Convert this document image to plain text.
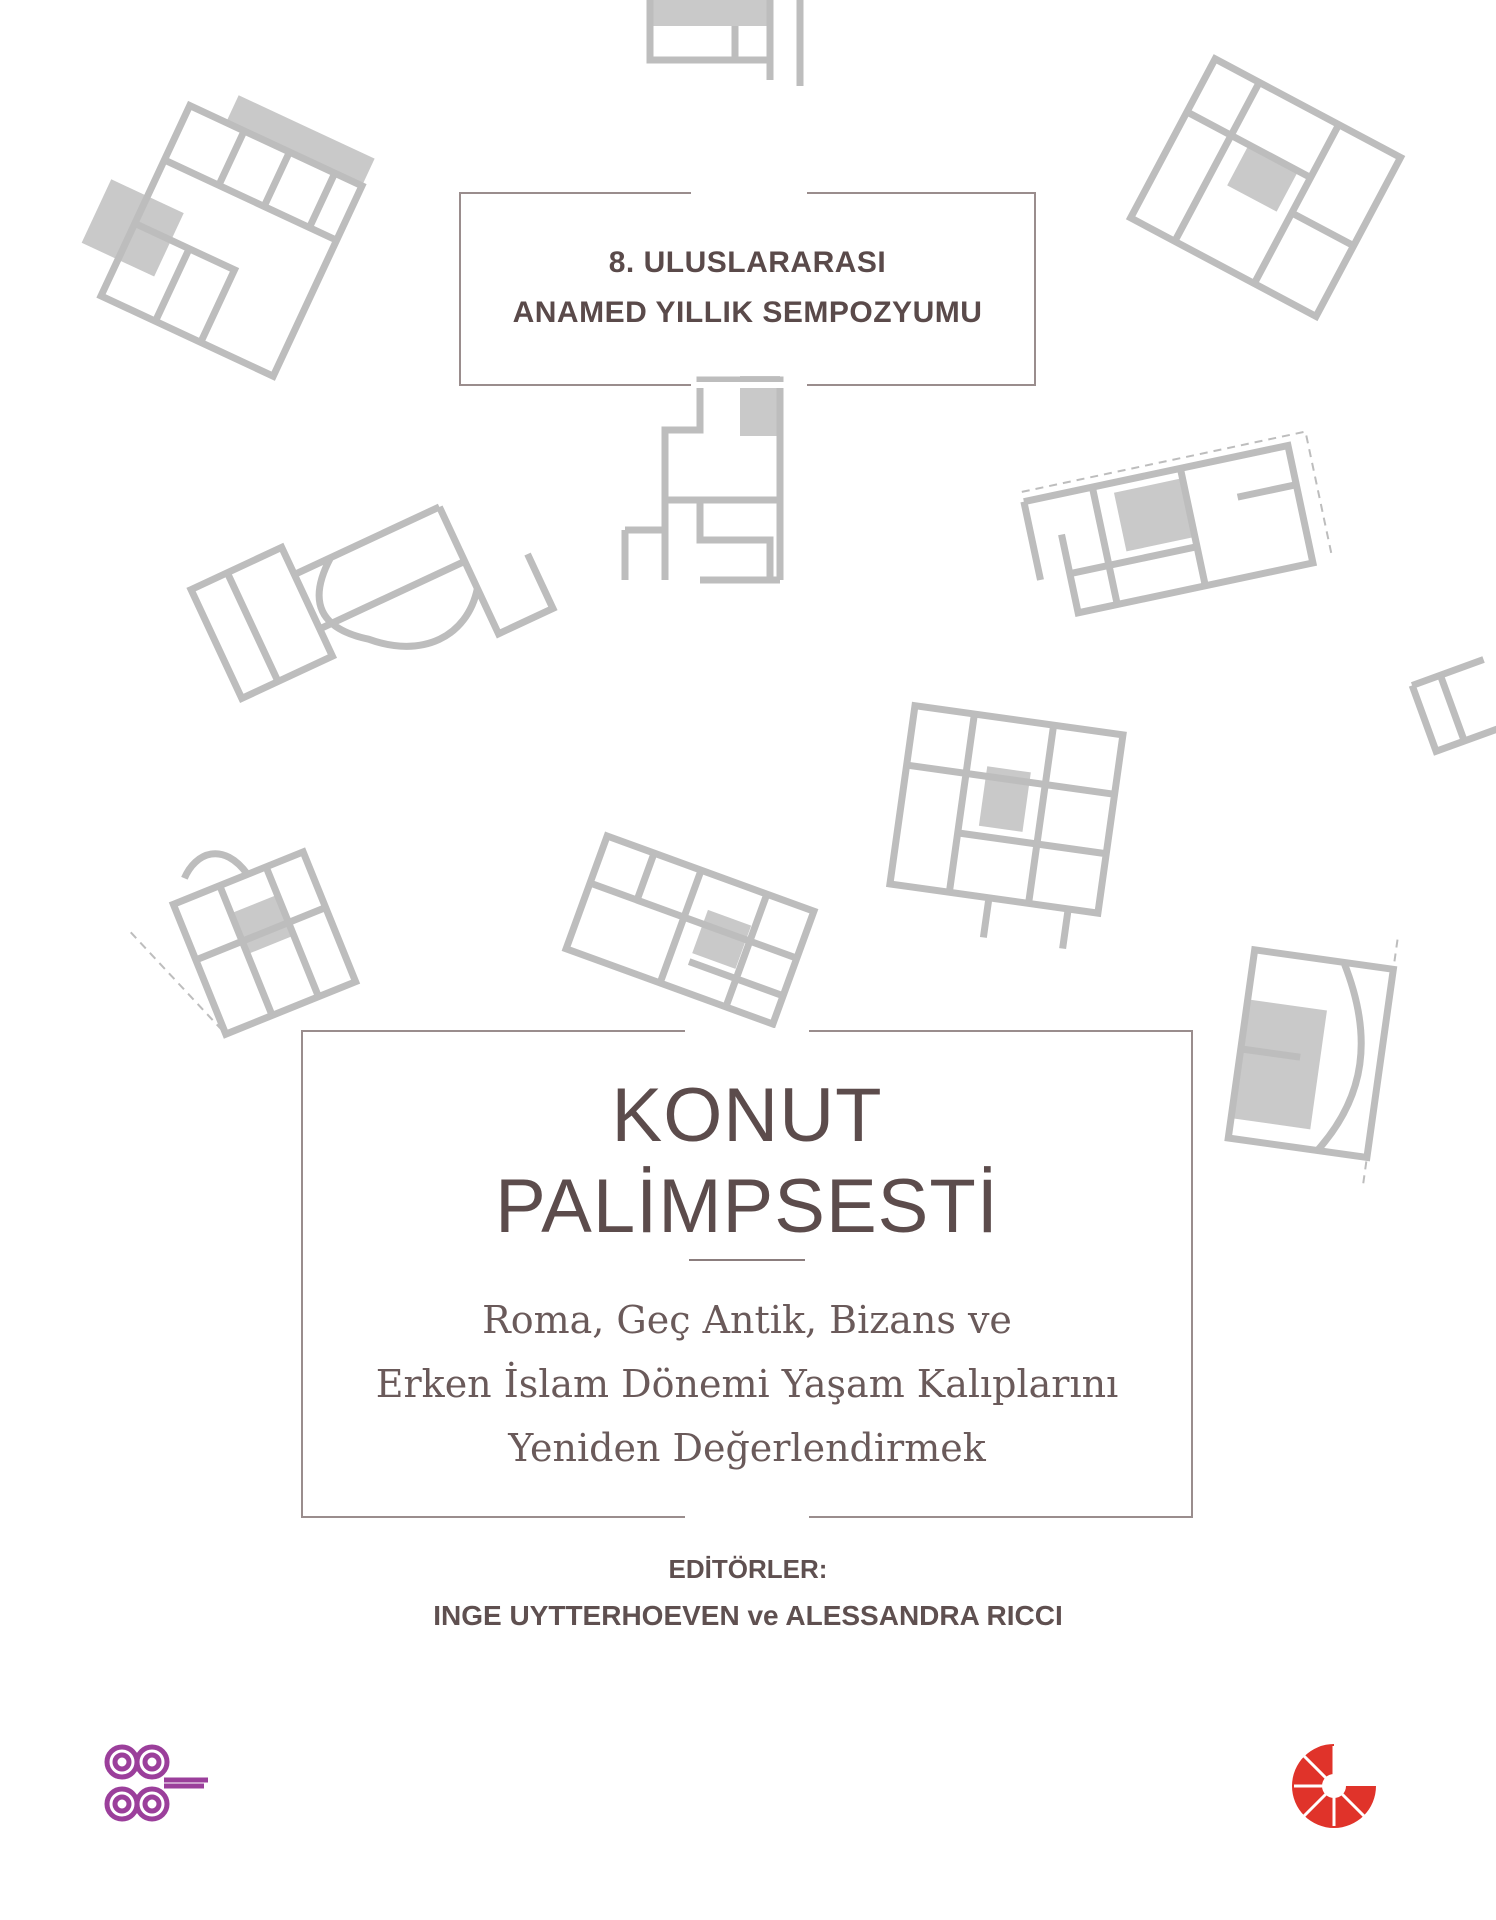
8. ULUSLARARASI
ANAMED YILLIK SEMPOZYUMU
KONUT
PALİMPSESTİ
Roma, Geç Antik, Bizans ve
Erken İslam Dönemi Yaşam Kalıplarını
Yeniden Değerlendirmek
EDİTÖRLER:
INGE UYTTERHOEVEN ve ALESSANDRA RICCI
